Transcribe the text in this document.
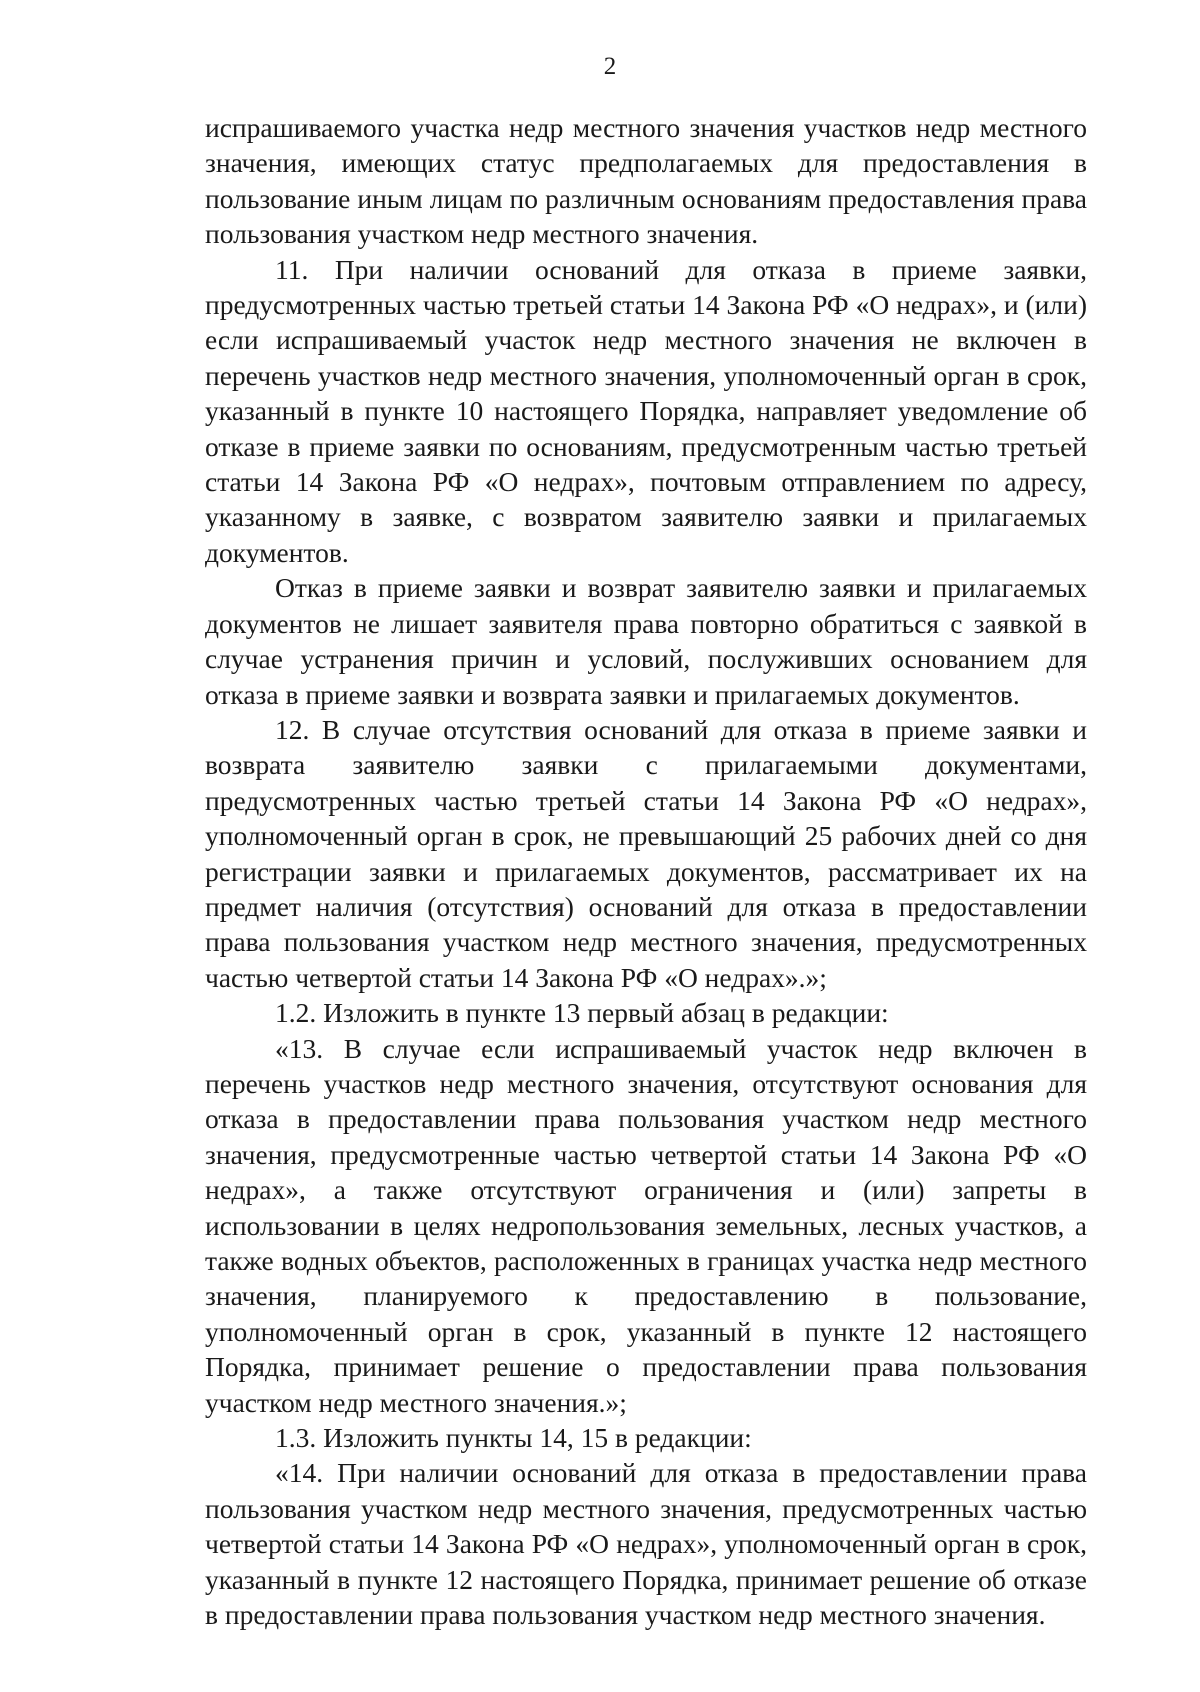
2

испрашиваемого участка недр местного значения участков недр местного значения, имеющих статус предполагаемых для предоставления в пользование иным лицам по различным основаниям предоставления права пользования участком недр местного значения.

11. При наличии оснований для отказа в приеме заявки, предусмотренных частью третьей статьи 14 Закона РФ «О недрах», и (или) если испрашиваемый участок недр местного значения не включен в перечень участков недр местного значения, уполномоченный орган в срок, указанный в пункте 10 настоящего Порядка, направляет уведомление об отказе в приеме заявки по основаниям, предусмотренным частью третьей статьи 14 Закона РФ «О недрах», почтовым отправлением по адресу, указанному в заявке, с возвратом заявителю заявки и прилагаемых документов.

Отказ в приеме заявки и возврат заявителю заявки и прилагаемых документов не лишает заявителя права повторно обратиться с заявкой в случае устранения причин и условий, послуживших основанием для отказа в приеме заявки и возврата заявки и прилагаемых документов.

12. В случае отсутствия оснований для отказа в приеме заявки и возврата заявителю заявки с прилагаемыми документами, предусмотренных частью третьей статьи 14 Закона РФ «О недрах», уполномоченный орган в срок, не превышающий 25 рабочих дней со дня регистрации заявки и прилагаемых документов, рассматривает их на предмет наличия (отсутствия) оснований для отказа в предоставлении права пользования участком недр местного значения, предусмотренных частью четвертой статьи 14 Закона РФ «О недрах».»;

1.2. Изложить в пункте 13 первый абзац в редакции:

«13. В случае если испрашиваемый участок недр включен в перечень участков недр местного значения, отсутствуют основания для отказа в предоставлении права пользования участком недр местного значения, предусмотренные частью четвертой статьи 14 Закона РФ «О недрах», а также отсутствуют ограничения и (или) запреты в использовании в целях недропользования земельных, лесных участков, а также водных объектов, расположенных в границах участка недр местного значения, планируемого к предоставлению в пользование, уполномоченный орган в срок, указанный в пункте 12 настоящего Порядка, принимает решение о предоставлении права пользования участком недр местного значения.»;

1.3. Изложить пункты 14, 15 в редакции:

«14. При наличии оснований для отказа в предоставлении права пользования участком недр местного значения, предусмотренных частью четвертой статьи 14 Закона РФ «О недрах», уполномоченный орган в срок, указанный в пункте 12 настоящего Порядка, принимает решение об отказе в предоставлении права пользования участком недр местного значения.
